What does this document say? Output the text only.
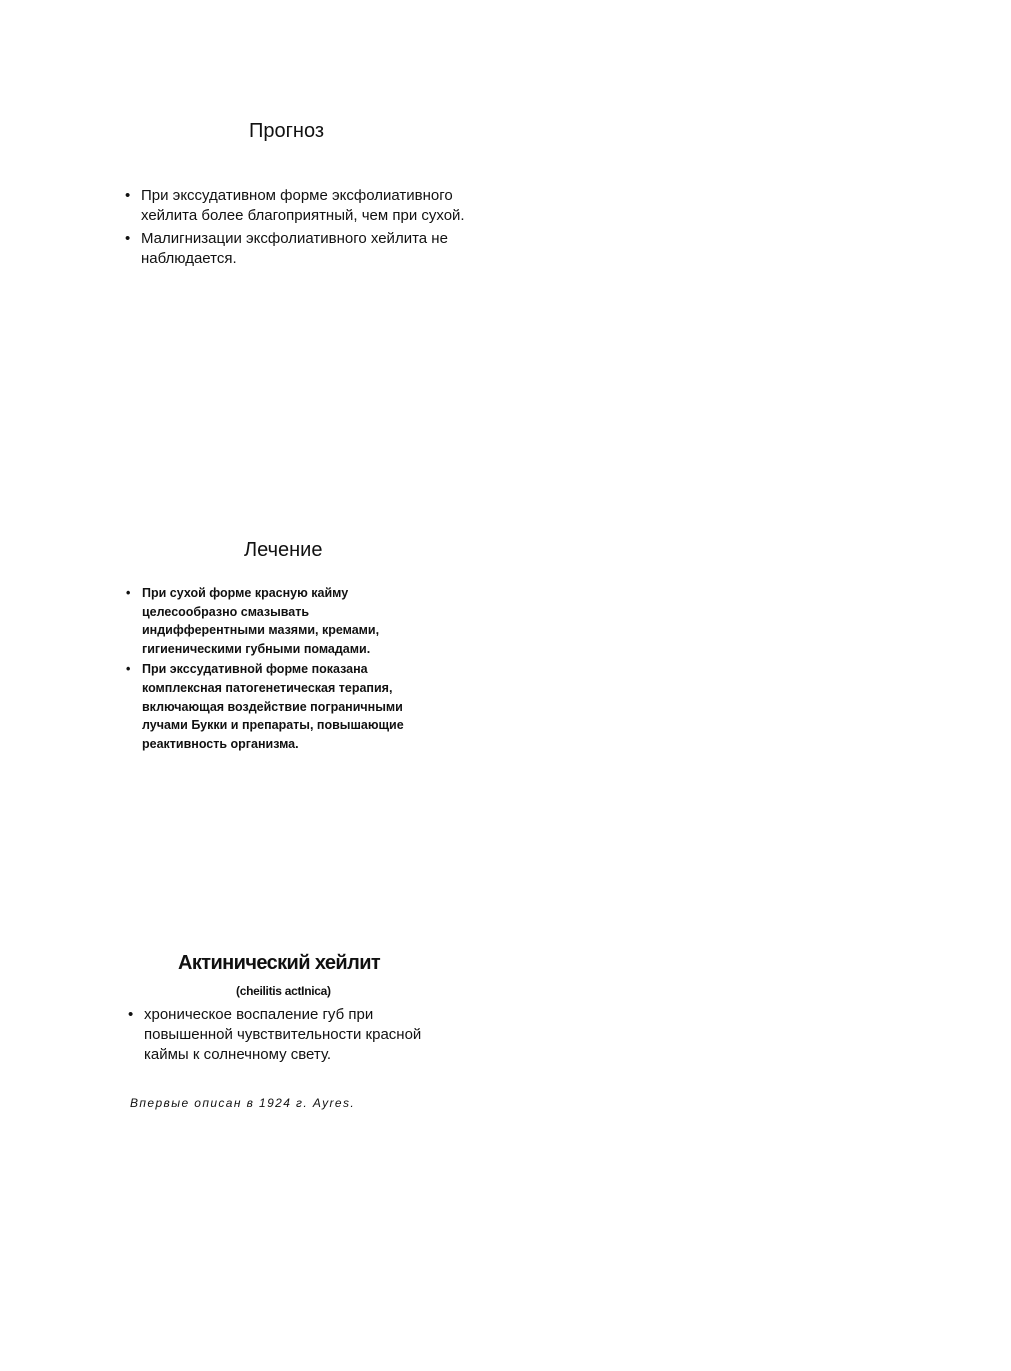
Прогноз
• При экссудативном форме эксфолиативного хейлита более благоприятный, чем при сухой.
• Малигнизации эксфолиативного хейлита не наблюдается.
Лечение
• При сухой форме красную кайму целесообразно смазывать индифферентными мазями, кремами, гигиеническими губными помадами.
• При экссудативной форме показана комплексная патогенетическая терапия, включающая воздействие пограничными лучами Букки и препараты, повышающие реактивность организма.
Актинический хейлит
(cheilitis actInica)
• хроническое воспаление губ при повышенной чувствительности красной каймы к солнечному свету.
Впервые описан в 1924 г. Ayres.
